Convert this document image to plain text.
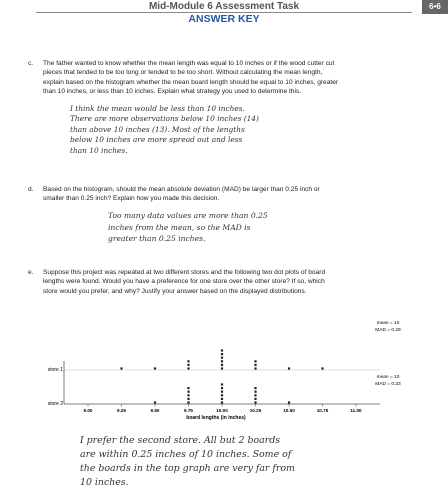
Mid-Module 6 Assessment Task	6•6
ANSWER KEY
c. The father wanted to know whether the mean length was equal to 10 inches or if the wood cutter cut
pieces that tended to be too long or tended to be too short. Without calculating the mean length,
explain based on the histogram whether the mean board length should be equal to 10 inches, greater
than 10 inches, or less than 10 inches. Explain what strategy you used to determine this.
I think the mean would be less than 10 inches.
There are more observations below 10 inches (14)
than above 10 inches (13). Most of the lengths
below 10 inches are more spread out and less
than 10 inches.
d. Based on the histogram, should the mean absolute deviation (MAD) be larger than 0.25 inch or
smaller than 0.25 inch? Explain how you made this decision.
Too many data values are more than 0.25
inches from the mean, so the MAD is
greater than 0.25 inches.
e. Suppose this project was repeated at two different stores and the following two dot plots of board
lengths were found. Would you have a preference for one store over the other store? If so, which
store would you prefer, and why? Justify your answer based on the displayed distributions.
mean = 10
MAD = 0.29
mean = 10
MAD = 0.23
store 1
store 2
9.00	9.25	9.50	9.75	10.00	10.25	10.50	10.75	11.00
board lengths (in inches)
I prefer the second store. All but 2 boards
are within 0.25 inches of 10 inches. Some of
the boards in the top graph are very far from
10 inches.
